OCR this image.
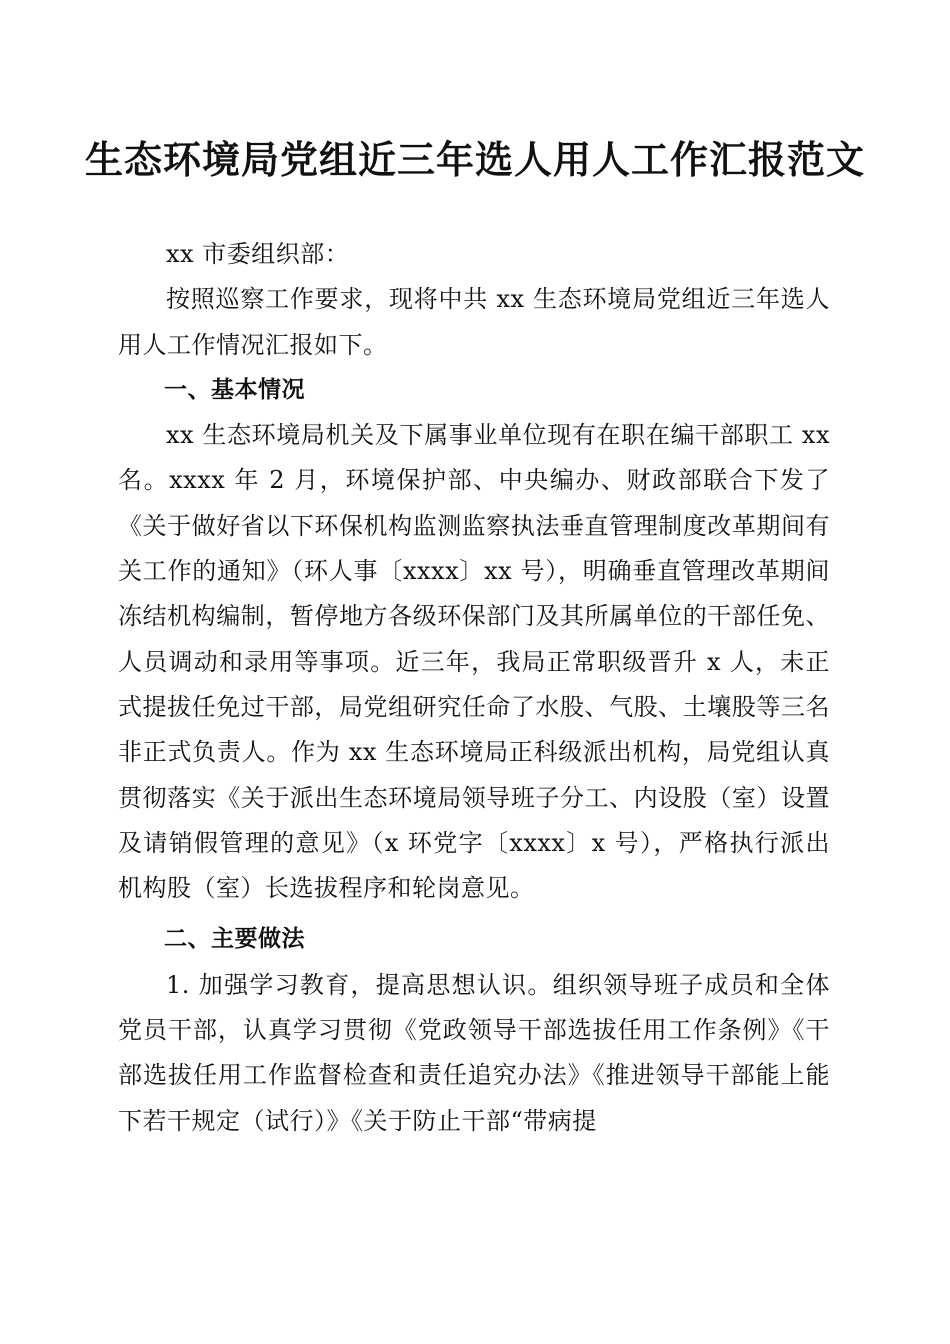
生态环境局党组近三年选人用人工作汇报范文

xx 市委组织部：

按照巡察工作要求，现将中共 xx 生态环境局党组近三年选人用人工作情况汇报如下。

一、基本情况

xx 生态环境局机关及下属事业单位现有在职在编干部职工 xx 名。xxxx 年 2 月，环境保护部、中央编办、财政部联合下发了《关于做好省以下环保机构监测监察执法垂直管理制度改革期间有关工作的通知》（环人事〔xxxx〕xx 号），明确垂直管理改革期间冻结机构编制，暂停地方各级环保部门及其所属单位的干部任免、人员调动和录用等事项。近三年，我局正常职级晋升 x 人，未正式提拔任免过干部，局党组研究任命了水股、气股、土壤股等三名非正式负责人。作为 xx 生态环境局正科级派出机构，局党组认真贯彻落实《关于派出生态环境局领导班子分工、内设股（室）设置及请销假管理的意见》（x 环党字〔xxxx〕x 号），严格执行派出机构股（室）长选拔程序和轮岗意见。

二、主要做法

1. 加强学习教育，提高思想认识。组织领导班子成员和全体党员干部，认真学习贯彻《党政领导干部选拔任用工作条例》《干部选拔任用工作监督检查和责任追究办法》《推进领导干部能上能下若干规定（试行）》《关于防止干部“带病提
